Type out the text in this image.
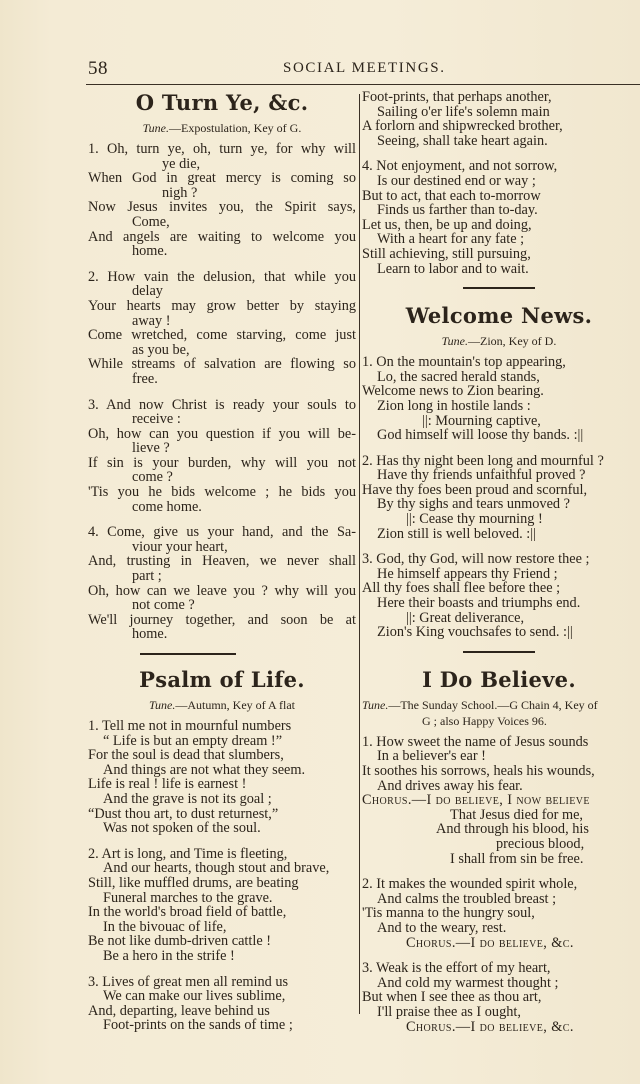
58	SOCIAL MEETINGS.
O Turn Ye, &c.
Tune.—Expostulation, Key of G.
1. Oh, turn ye, oh, turn ye, for why will
ye die,
When God in great mercy is coming so
nigh ?
Now Jesus invites you, the Spirit says,
Come,
And angels are waiting to welcome you
home.
2. How vain the delusion, that while you
delay
Your hearts may grow better by staying
away !
Come wretched, come starving, come just
as you be,
While streams of salvation are flowing so
free.
3. And now Christ is ready your souls to
receive :
Oh, how can you question if you will be-
lieve ?
If sin is your burden, why will you not
come ?
'Tis you he bids welcome ; he bids you
come home.
4. Come, give us your hand, and the Sa-
viour your heart,
And, trusting in Heaven, we never shall
part ;
Oh, how can we leave you ? why will you
not come ?
We'll journey together, and soon be at
home.
Psalm of Life.
Tune.—Autumn, Key of A flat
1. Tell me not in mournful numbers
“ Life is but an empty dream !”
For the soul is dead that slumbers,
And things are not what they seem.
Life is real ! life is earnest !
And the grave is not its goal ;
“Dust thou art, to dust returnest,”
Was not spoken of the soul.
2. Art is long, and Time is fleeting,
And our hearts, though stout and brave,
Still, like muffled drums, are beating
Funeral marches to the grave.
In the world's broad field of battle,
In the bivouac of life,
Be not like dumb-driven cattle !
Be a hero in the strife !
3. Lives of great men all remind us
We can make our lives sublime,
And, departing, leave behind us
Foot-prints on the sands of time ;
Foot-prints, that perhaps another,
Sailing o'er life's solemn main
A forlorn and shipwrecked brother,
Seeing, shall take heart again.
4. Not enjoyment, and not sorrow,
Is our destined end or way ;
But to act, that each to-morrow
Finds us farther than to-day.
Let us, then, be up and doing,
With a heart for any fate ;
Still achieving, still pursuing,
Learn to labor and to wait.
Welcome News.
Tune.—Zion, Key of D.
1. On the mountain's top appearing,
Lo, the sacred herald stands,
Welcome news to Zion bearing.
Zion long in hostile lands :
||: Mourning captive,
God himself will loose thy bands. :||
2. Has thy night been long and mournful ?
Have thy friends unfaithful proved ?
Have thy foes been proud and scornful,
By thy sighs and tears unmoved ?
||: Cease thy mourning !
Zion still is well beloved. :||
3. God, thy God, will now restore thee ;
He himself appears thy Friend ;
All thy foes shall flee before thee ;
Here their boasts and triumphs end.
||: Great deliverance,
Zion's King vouchsafes to send. :||
I Do Believe.
Tune.—The Sunday School.—G Chain 4, Key of
G ; also Happy Voices 96.
1. How sweet the name of Jesus sounds
In a believer's ear !
It soothes his sorrows, heals his wounds,
And drives away his fear.
Chorus.—I do believe, I now believe
That Jesus died for me,
And through his blood, his
precious blood,
I shall from sin be free.
2. It makes the wounded spirit whole,
And calms the troubled breast ;
'Tis manna to the hungry soul,
And to the weary, rest.
Chorus.—I do believe, &c.
3. Weak is the effort of my heart,
And cold my warmest thought ;
But when I see thee as thou art,
I'll praise thee as I ought,
Chorus.—I do believe, &c.
